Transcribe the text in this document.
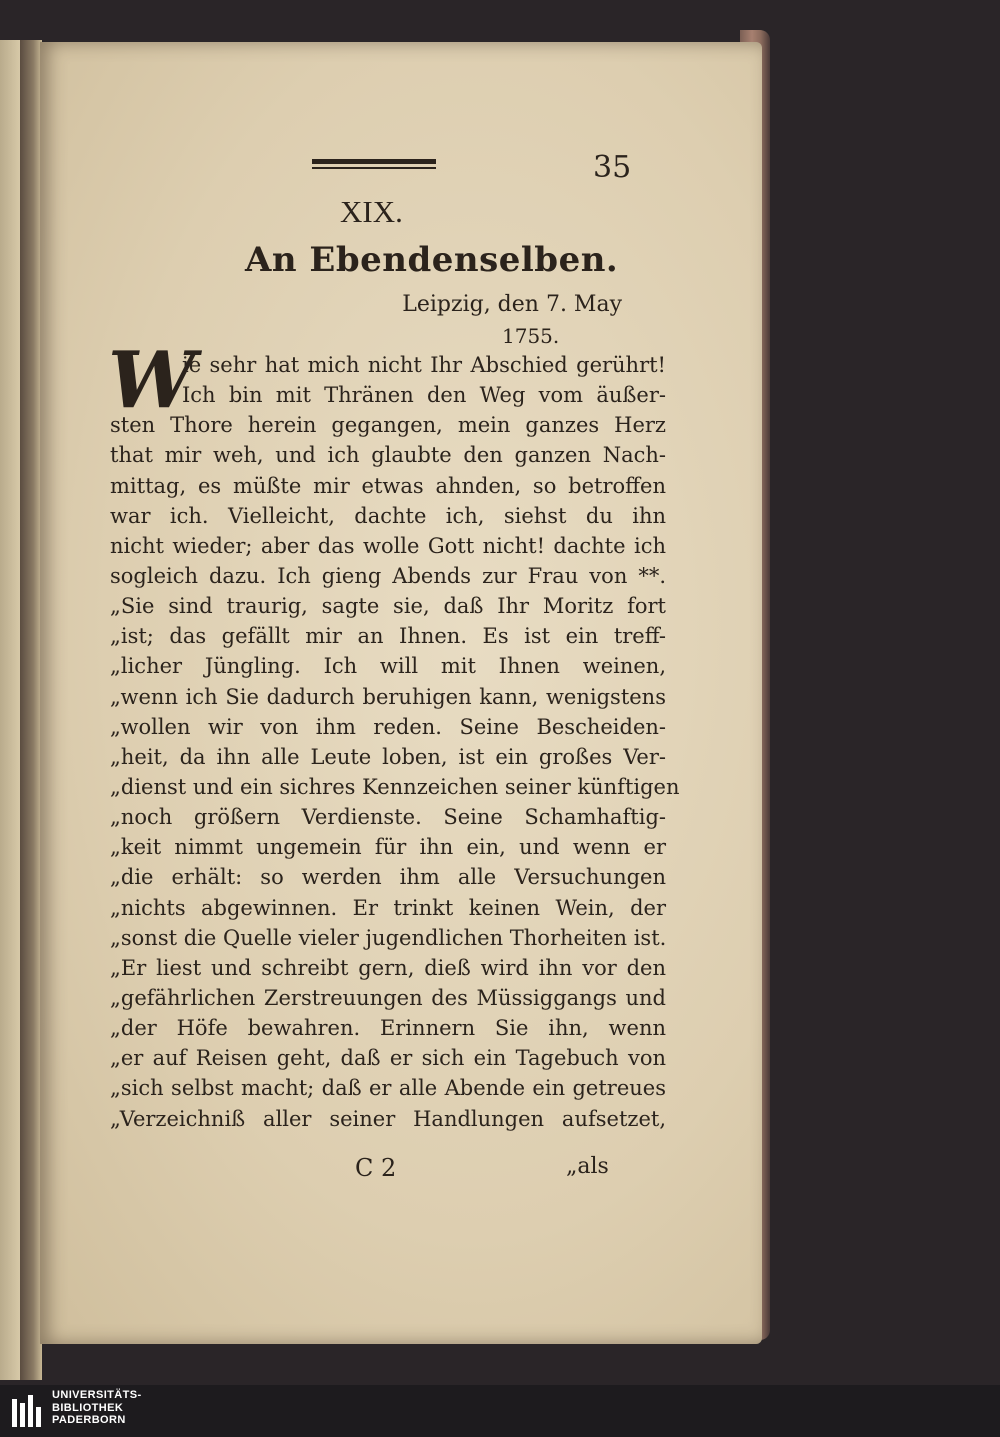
35
XIX.
An Ebendenselben.
Leipzig, den 7. May
1755.
W
ie sehr hat mich nicht Ihr Abschied gerührt!
Ich bin mit Thränen den Weg vom äußer-
sten Thore herein gegangen, mein ganzes Herz
that mir weh, und ich glaubte den ganzen Nach-
mittag, es müßte mir etwas ahnden, so betroffen
war ich. Vielleicht, dachte ich, siehst du ihn
nicht wieder; aber das wolle Gott nicht! dachte ich
sogleich dazu. Ich gieng Abends zur Frau von **.
„Sie sind traurig, sagte sie, daß Ihr Moritz fort
„ist; das gefällt mir an Ihnen. Es ist ein treff-
„licher Jüngling. Ich will mit Ihnen weinen,
„wenn ich Sie dadurch beruhigen kann, wenigstens
„wollen wir von ihm reden. Seine Bescheiden-
„heit, da ihn alle Leute loben, ist ein großes Ver-
„dienst und ein sichres Kennzeichen seiner künftigen
„noch größern Verdienste. Seine Schamhaftig-
„keit nimmt ungemein für ihn ein, und wenn er
„die erhält: so werden ihm alle Versuchungen
„nichts abgewinnen. Er trinkt keinen Wein, der
„sonst die Quelle vieler jugendlichen Thorheiten ist.
„Er liest und schreibt gern, dieß wird ihn vor den
„gefährlichen Zerstreuungen des Müssiggangs und
„der Höfe bewahren. Erinnern Sie ihn, wenn
„er auf Reisen geht, daß er sich ein Tagebuch von
„sich selbst macht; daß er alle Abende ein getreues
„Verzeichniß aller seiner Handlungen aufsetzet,
C 2	„als
UNIVERSITÄTS-
BIBLIOTHEK
PADERBORN
